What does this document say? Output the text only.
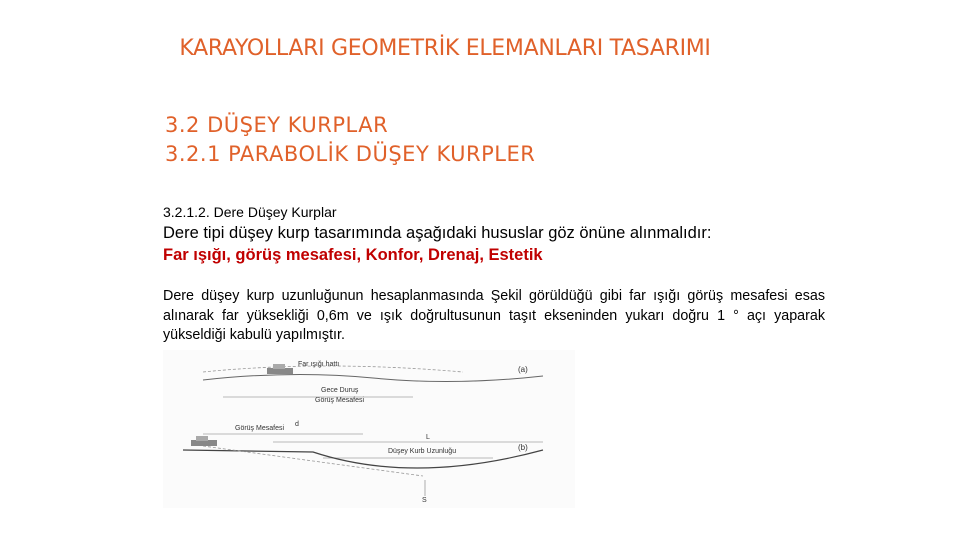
KARAYOLLARI GEOMETRİK ELEMANLARI TASARIMI
3.2 DÜŞEY KURPLAR
3.2.1 PARABOLİK DÜŞEY KURPLER
3.2.1.2. Dere Düşey Kurplar
Dere tipi düşey kurp tasarımında aşağıdaki hususlar göz önüne alınmalıdır:
Far ışığı, görüş mesafesi, Konfor, Drenaj, Estetik
Dere düşey kurp uzunluğunun hesaplanmasında Şekil görüldüğü gibi far ışığı görüş mesafesi esas alınarak far yüksekliği 0,6m ve ışık doğrultusunun taşıt ekseninden yukarı doğru 1 ° açı yaparak yükseldiği kabulü yapılmıştır.
Far ışığı hattı
(a)
Gece Duruş
Görüş Mesafesi
Görüş Mesafesi
d
L
(b)
Düşey Kurb Uzunluğu
S
